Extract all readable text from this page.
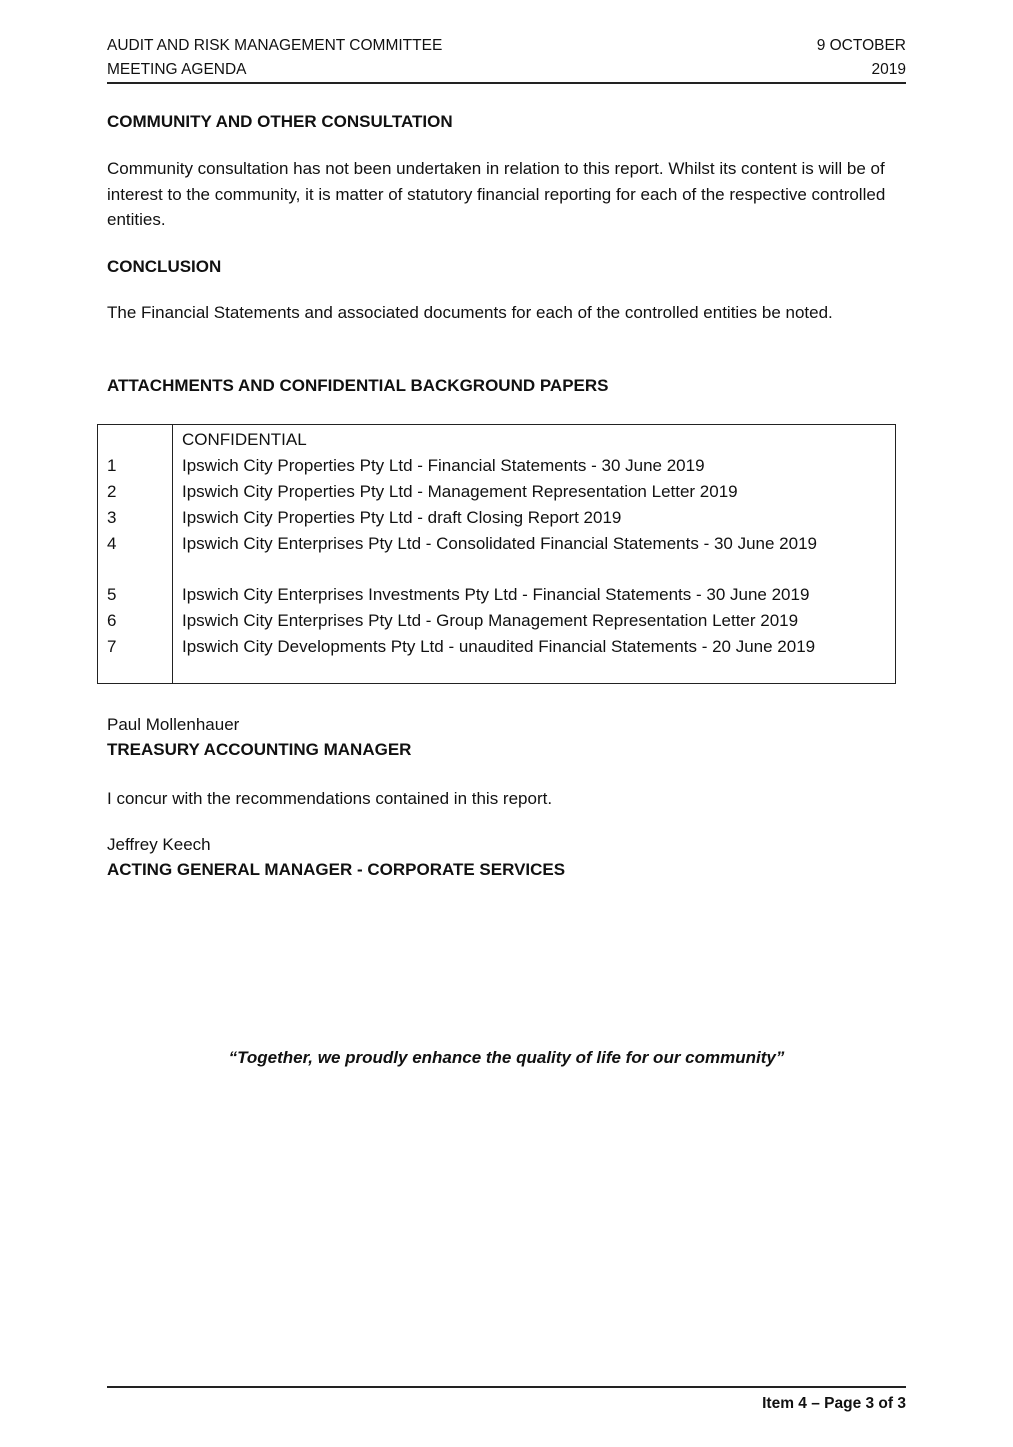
AUDIT AND RISK MANAGEMENT COMMITTEE
MEETING AGENDA
9 OCTOBER
2019
COMMUNITY AND OTHER CONSULTATION
Community consultation has not been undertaken in relation to this report. Whilst its content is will be of interest to the community, it is matter of statutory financial reporting for each of the respective controlled entities.
CONCLUSION
The Financial Statements and associated documents for each of the controlled entities be noted.
ATTACHMENTS AND CONFIDENTIAL BACKGROUND PAPERS
CONFIDENTIAL
1	Ipswich City Properties Pty Ltd - Financial Statements - 30 June 2019
2	Ipswich City Properties Pty Ltd - Management Representation Letter 2019
3	Ipswich City Properties Pty Ltd - draft Closing Report 2019
4	Ipswich City Enterprises Pty Ltd - Consolidated Financial Statements - 30 June 2019
5	Ipswich City Enterprises Investments Pty Ltd - Financial Statements - 30 June 2019
6	Ipswich City Enterprises Pty Ltd - Group Management Representation Letter 2019
7	Ipswich City Developments Pty Ltd - unaudited Financial Statements - 20 June 2019
Paul Mollenhauer
TREASURY ACCOUNTING MANAGER
I concur with the recommendations contained in this report.
Jeffrey Keech
ACTING GENERAL MANAGER - CORPORATE SERVICES
“Together, we proudly enhance the quality of life for our community”
Item 4 – Page 3 of 3
